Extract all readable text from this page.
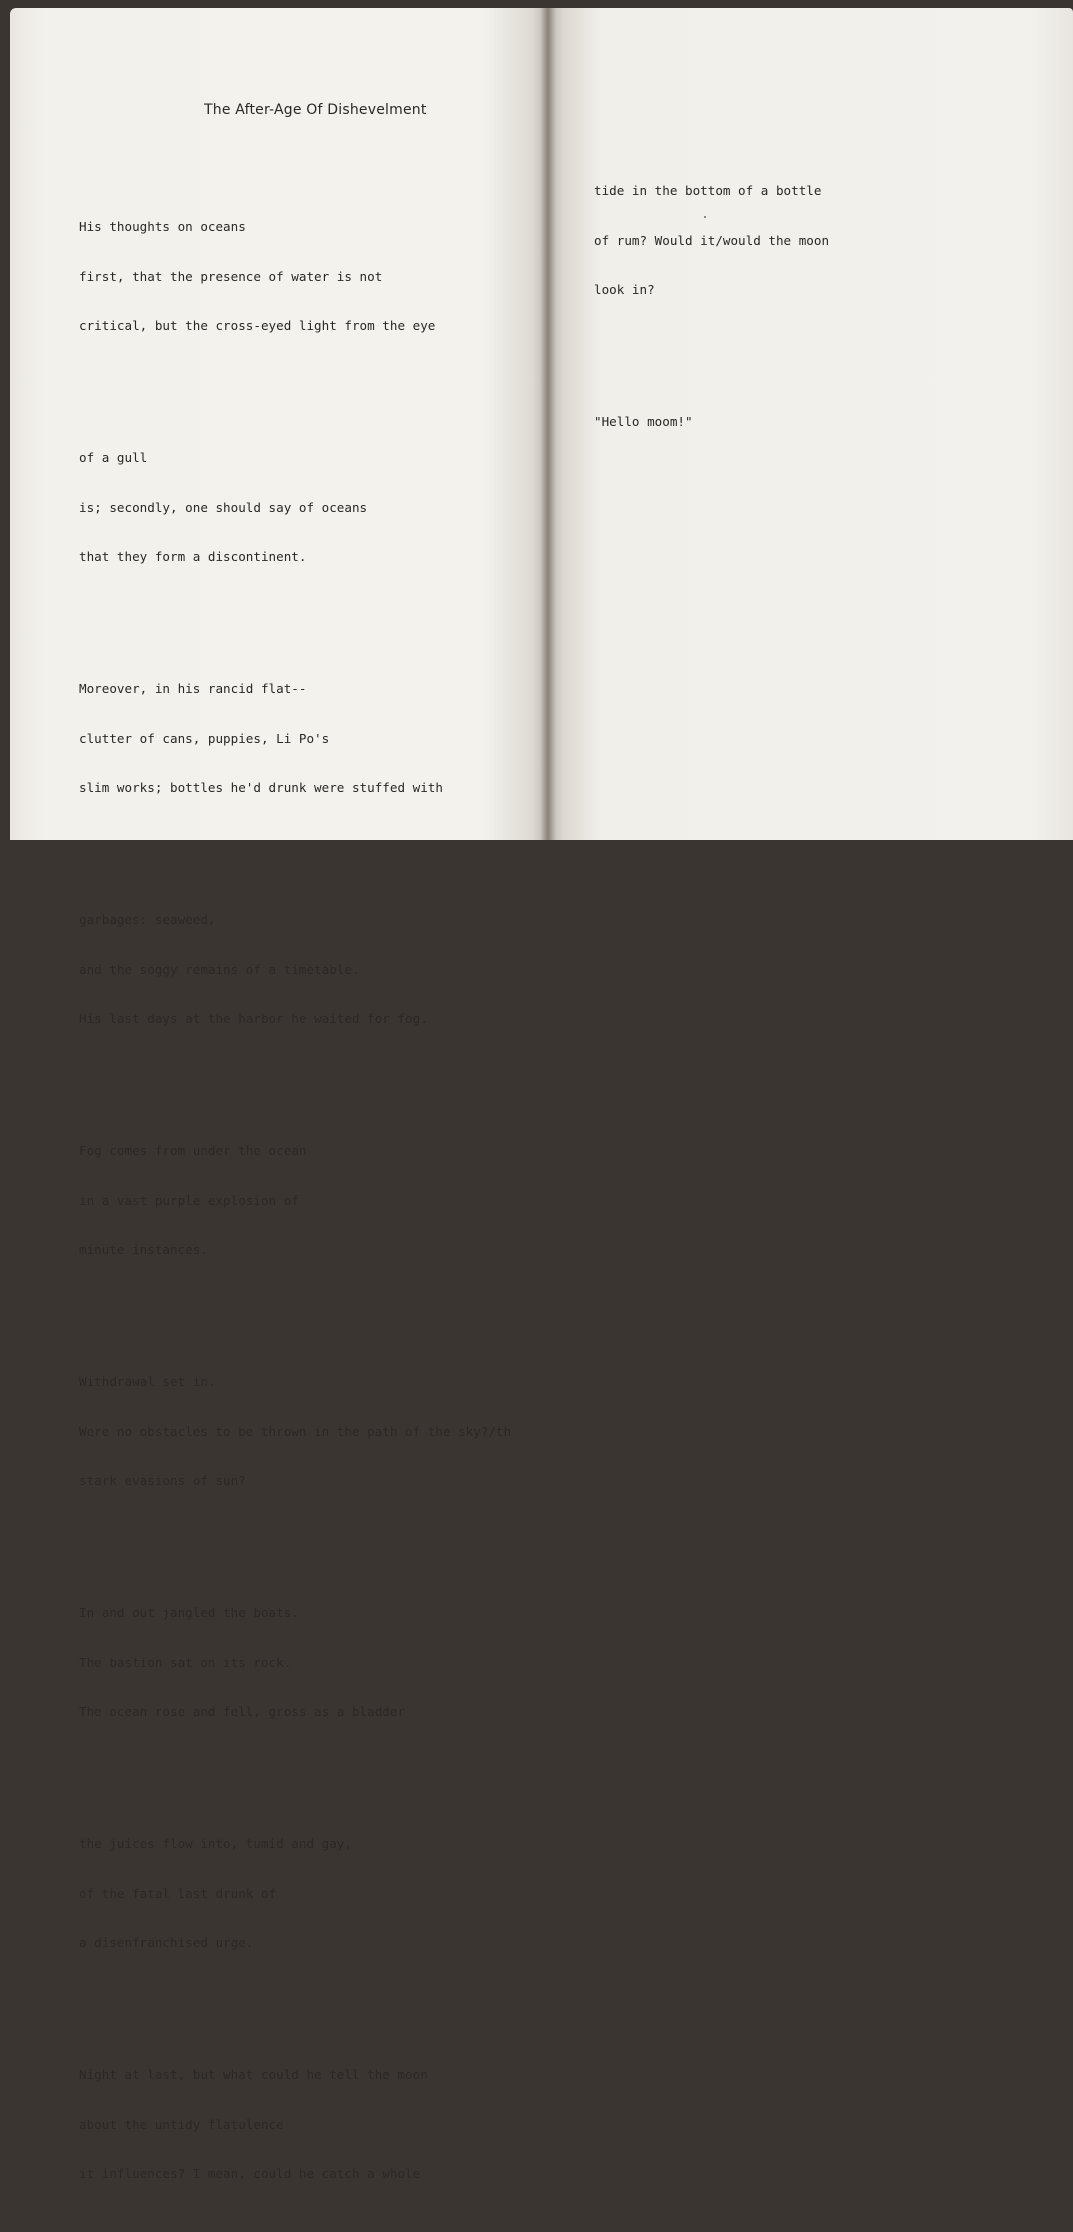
The After-Age Of Dishevelment

His thoughts on oceans

first, that the presence of water is not

critical, but the cross-eyed light from the eye

of a gull

is; secondly, one should say of oceans

that they form a discontinent.

Moreover, in his rancid flat--

clutter of cans, puppies, Li Po's

slim works; bottles he'd drunk were stuffed with

garbages: seaweed,

and the soggy remains of a timetable.

His last days at the harbor he waited for fog.

Fog comes from under the ocean

in a vast purple explosion of

minute instances.

Withdrawal set in.

Were no obstacles to be thrown in the path of the sky?/th

stark evasions of sun?

In and out jangled the boats.

The bastion sat on its rock.

The ocean rose and fell, gross as a bladder

the juices flow into, tumid and gay,

of the fatal last drunk of

a disenfranchised urge.

Night at last, but what could he tell the moon

about the untidy flatulence

it influences? I mean, could he catch a whole

tide in the bottom of a bottle

of rum? Would it/would the moon

look in?

"Hello moom!"
